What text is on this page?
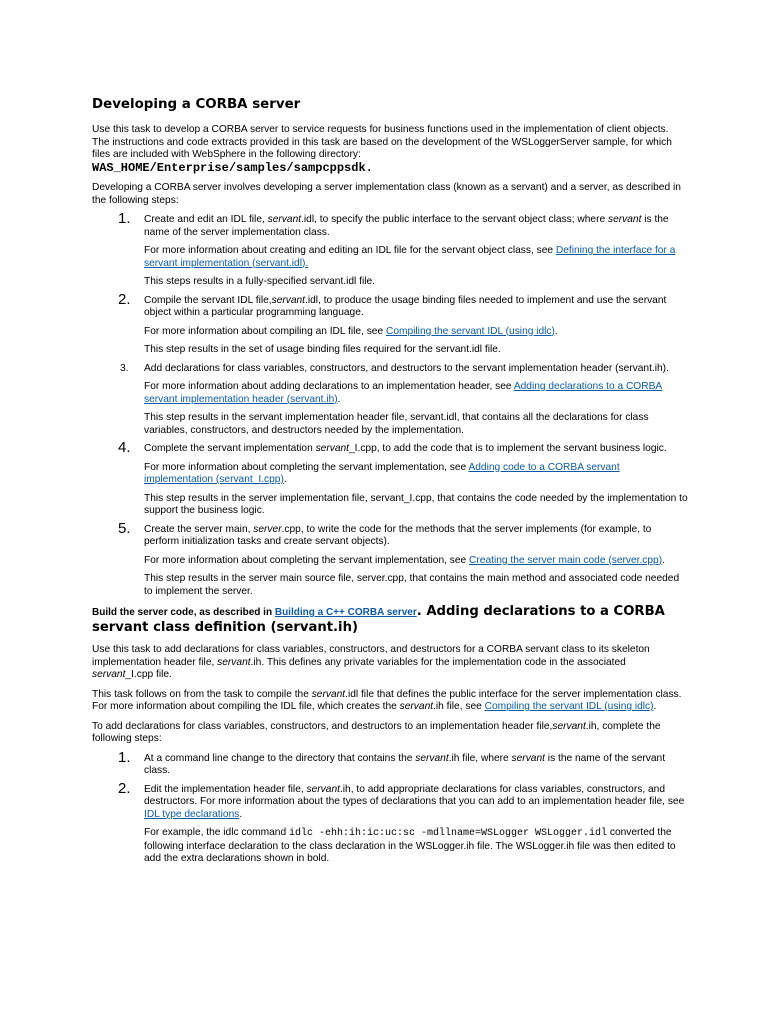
Developing a CORBA server

Use this task to develop a CORBA server to service requests for business functions used in the implementation of client objects. The instructions and code extracts provided in this task are based on the development of the WSLoggerServer sample, for which files are included with WebSphere in the following directory:
WAS_HOME/Enterprise/samples/sampcppsdk.

Developing a CORBA server involves developing a server implementation class (known as a servant) and a server, as described in the following steps:

1. Create and edit an IDL file, servant.idl, to specify the public interface to the servant object class; where servant is the name of the server implementation class.

For more information about creating and editing an IDL file for the servant object class, see Defining the interface for a servant implementation (servant.idl).

This steps results in a fully-specified servant.idl file.

2. Compile the servant IDL file,servant.idl, to produce the usage binding files needed to implement and use the servant object within a particular programming language.

For more information about compiling an IDL file, see Compiling the servant IDL (using idlc).

This step results in the set of usage binding files required for the servant.idl file.

3. Add declarations for class variables, constructors, and destructors to the servant implementation header (servant.ih).

For more information about adding declarations to an implementation header, see Adding declarations to a CORBA servant implementation header (servant.ih).

This step results in the servant implementation header file, servant.idl, that contains all the declarations for class variables, constructors, and destructors needed by the implementation.

4. Complete the servant implementation servant_I.cpp, to add the code that is to implement the servant business logic.

For more information about completing the servant implementation, see Adding code to a CORBA servant implementation (servant_I.cpp).

This step results in the server implementation file, servant_I.cpp, that contains the code needed by the implementation to support the business logic.

5. Create the server main, server.cpp, to write the code for the methods that the server implements (for example, to perform initialization tasks and create servant objects).

For more information about completing the servant implementation, see Creating the server main code (server.cpp).

This step results in the server main source file, server.cpp, that contains the main method and associated code needed to implement the server.

Build the server code, as described in Building a C++ CORBA server. Adding declarations to a CORBA servant class definition (servant.ih)

Use this task to add declarations for class variables, constructors, and destructors for a CORBA servant class to its skeleton implementation header file, servant.ih. This defines any private variables for the implementation code in the associated servant_I.cpp file.

This task follows on from the task to compile the servant.idl file that defines the public interface for the server implementation class. For more information about compiling the IDL file, which creates the servant.ih file, see Compiling the servant IDL (using idlc).

To add declarations for class variables, constructors, and destructors to an implementation header file,servant.ih, complete the following steps:

1. At a command line change to the directory that contains the servant.ih file, where servant is the name of the servant class.

2. Edit the implementation header file, servant.ih, to add appropriate declarations for class variables, constructors, and destructors. For more information about the types of declarations that you can add to an implementation header file, see IDL type declarations.

For example, the idlc command idlc -ehh:ih:ic:uc:sc -mdllname=WSLogger WSLogger.idl converted the following interface declaration to the class declaration in the WSLogger.ih file. The WSLogger.ih file was then edited to add the extra declarations shown in bold.
